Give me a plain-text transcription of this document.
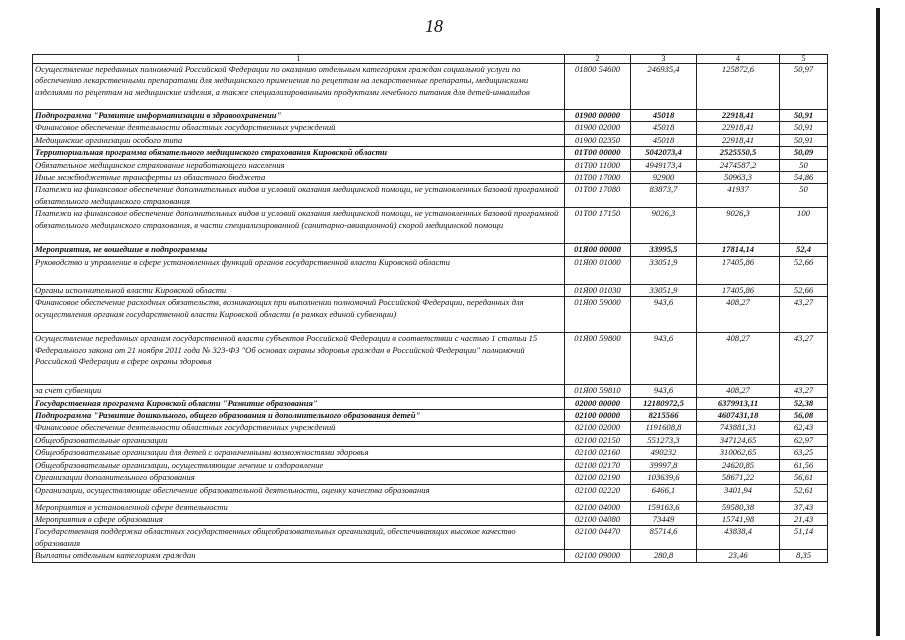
18
1	2	3	4	5
Осуществление переданных полномочий Российской Федерации по оказанию отдельным категориям граждан социальной услуги по обеспечению лекарственными препаратами для медицинского применения по рецептам на лекарственные препараты, медицинскими изделиями по рецептам на медицинские изделия, а также специализированными продуктами лечебного питания для детей-инвалидов	01800 54600	246935,4	125872,6	50,97
Подпрограмма "Развитие информатизации в здравоохранении"	01900 00000	45018	22918,41	50,91
Финансовое обеспечение деятельности областных государственных учреждений	01900 02000	45018	22918,41	50,91
Медицинские организации особого типа	01900 02350	45018	22918,41	50,91
Территориальная программа обязательного медицинского страхования Кировской области	01Т00 00000	5042073,4	2525550,5	50,09
Обязательное медицинское страхование неработающего населения	01Т00 11000	4949173,4	2474587,2	50
Иные межбюджетные трансферты из областного бюджета	01Т00 17000	92900	50963,3	54,86
Платежи на финансовое обеспечение дополнительных видов и условий оказания медицинской помощи, не установленных базовой программой обязательного медицинского страхования	01Т00 17080	83873,7	41937	50
Платежи на финансовое обеспечение дополнительных видов и условий оказания медицинской помощи, не установленных базовой программой обязательного медицинского страхования, в части специализированной (санитарно-авиационной) скорой медицинской помощи	01Т00 17150	9026,3	9026,3	100
Мероприятия, не вошедшие в подпрограммы	01Я00 00000	33995,5	17814,14	52,4
Руководство и управление в сфере установленных функций органов государственной власти Кировской области	01Я00 01000	33051,9	17405,86	52,66
Органы исполнительной власти Кировской области	01Я00 01030	33051,9	17405,86	52,66
Финансовое обеспечение расходных обязательств, возникающих при выполнении полномочий Российской Федерации, переданных для осуществления органам государственной власти Кировской области (в рамках единой субвенции)	01Я00 59000	943,6	408,27	43,27
Осуществление переданных органам государственной власти субъектов Российской Федерации в соответствии с частью 1 статьи 15 Федерального закона от 21 ноября 2011 года № 323-ФЗ "Об основах охраны здоровья граждан в Российской Федерации" полномочий Российской Федерации в сфере охраны здоровья	01Я00 59800	943,6	408,27	43,27
за счет субвенции	01Я00 59810	943,6	408,27	43,27
Государственная программа Кировской области "Развитие образования"	02000 00000	12180972,5	6379913,11	52,38
Подпрограмма "Развитие дошкольного, общего образования и дополнительного образования детей"	02100 00000	8215566	4607431,18	56,08
Финансовое обеспечение деятельности областных государственных учреждений	02100 02000	1191608,8	743881,31	62,43
Общеобразовательные организации	02100 02150	551273,3	347124,65	62,97
Общеобразовательные организации для детей с ограниченными возможностями здоровья	02100 02160	490232	310062,65	63,25
Общеобразовательные организации, осуществляющие лечение и оздоровление	02100 02170	39997,8	24620,85	61,56
Организации дополнительного образования	02100 02190	103639,6	58671,22	56,61
Организации, осуществляющие обеспечение образовательной деятельности, оценку качества образования	02100 02220	6466,1	3401,94	52,61
Мероприятия в установленной сфере деятельности	02100 04000	159163,6	59580,38	37,43
Мероприятия в сфере образования	02100 04080	73449	15741,98	21,43
Государственная поддержка областных государственных общеобразовательных организаций, обеспечивающих высокое качество образования	02100 04470	85714,6	43838,4	51,14
Выплаты отдельным категориям граждан	02100 09000	280,8	23,46	8,35
